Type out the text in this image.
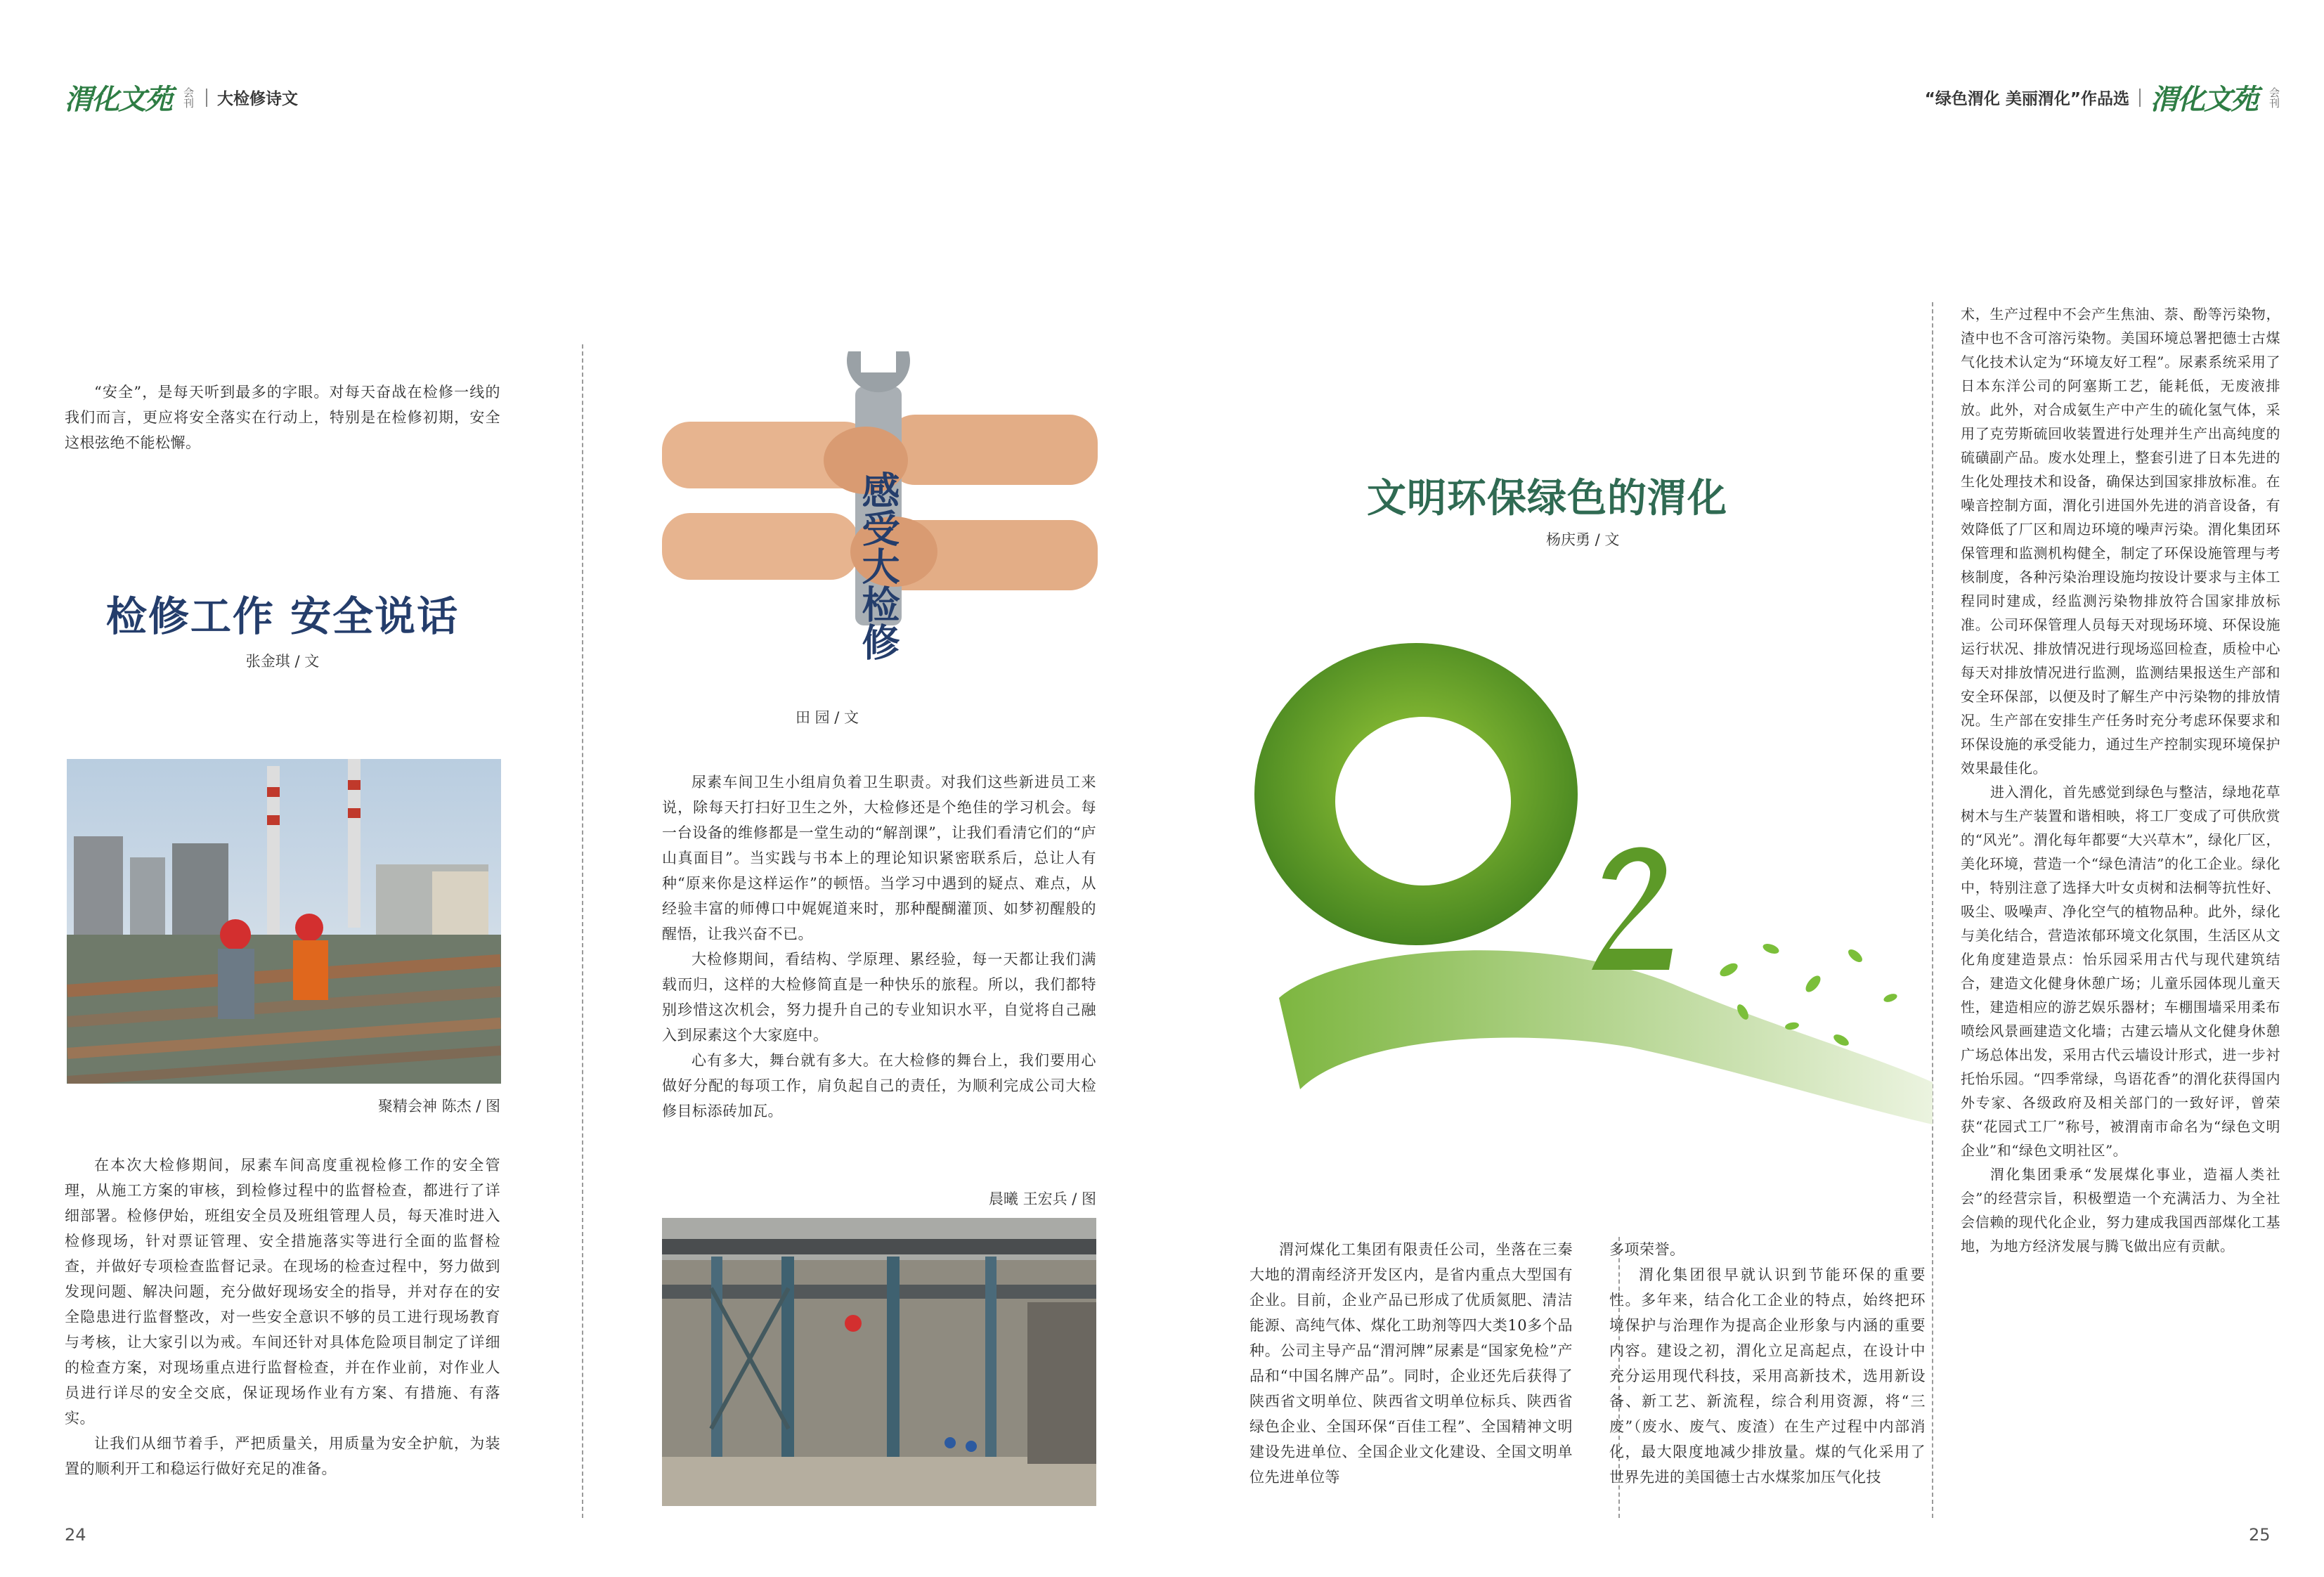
渭化文苑 会刊 大检修诗文	“绿色渭化 美丽渭化”作品选 渭化文苑 会刊

“安全”，是每天听到最多的字眼。对每天奋战在检修一线的我们而言，更应将安全落实在行动上，特别是在检修初期，安全这根弦绝不能松懈。

检修工作 安全说话
张金琪 / 文
聚精会神 陈杰 / 图

在本次大检修期间，尿素车间高度重视检修工作的安全管理，从施工方案的审核，到检修过程中的监督检查，都进行了详细部署。检修伊始，班组安全员及班组管理人员，每天准时进入检修现场，针对票证管理、安全措施落实等进行全面的监督检查，并做好专项检查监督记录。在现场的检查过程中，努力做到发现问题、解决问题，充分做好现场安全的指导，并对存在的安全隐患进行监督整改，对一些安全意识不够的员工进行现场教育与考核，让大家引以为戒。车间还针对具体危险项目制定了详细的检查方案，对现场重点进行监督检查，并在作业前，对作业人员进行详尽的安全交底，保证现场作业有方案、有措施、有落实。

让我们从细节着手，严把质量关，用质量为安全护航，为装置的顺利开工和稳运行做好充足的准备。

感受大检修
田 园 / 文

尿素车间卫生小组肩负着卫生职责。对我们这些新进员工来说，除每天打扫好卫生之外，大检修还是个绝佳的学习机会。每一台设备的维修都是一堂生动的“解剖课”，让我们看清它们的“庐山真面目”。当实践与书本上的理论知识紧密联系后，总让人有种“原来你是这样运作”的顿悟。当学习中遇到的疑点、难点，从经验丰富的师傅口中娓娓道来时，那种醍醐灌顶、如梦初醒般的醒悟，让我兴奋不已。

大检修期间，看结构、学原理、累经验，每一天都让我们满载而归，这样的大检修简直是一种快乐的旅程。所以，我们都特别珍惜这次机会，努力提升自己的专业知识水平，自觉将自己融入到尿素这个大家庭中。

心有多大，舞台就有多大。在大检修的舞台上，我们要用心做好分配的每项工作，肩负起自己的责任，为顺利完成公司大检修目标添砖加瓦。

晨曦 王宏兵 / 图
文明环保绿色的渭化
杨庆勇 / 文

渭河煤化工集团有限责任公司，坐落在三秦大地的渭南经济开发区内，是省内重点大型国有企业。目前，企业产品已形成了优质氮肥、清洁能源、高纯气体、煤化工助剂等四大类10多个品种。公司主导产品“渭河牌”尿素是“国家免检”产品和“中国名牌产品”。同时，企业还先后获得了陕西省文明单位、陕西省文明单位标兵、陕西省绿色企业、全国环保“百佳工程”、全国精神文明建设先进单位、全国企业文化建设、全国文明单位先进单位等

多项荣誉。

渭化集团很早就认识到节能环保的重要性。多年来，结合化工企业的特点，始终把环境保护与治理作为提高企业形象与内涵的重要内容。建设之初，渭化立足高起点，在设计中充分运用现代科技，采用高新技术，选用新设备、新工艺、新流程，综合利用资源，将“三废”（废水、废气、废渣）在生产过程中内部消化，最大限度地减少排放量。煤的气化采用了世界先进的美国德士古水煤浆加压气化技

术，生产过程中不会产生焦油、萘、酚等污染物，渣中也不含可溶污染物。美国环境总署把德士古煤气化技术认定为“环境友好工程”。尿素系统采用了日本东洋公司的阿塞斯工艺，能耗低，无废液排放。此外，对合成氨生产中产生的硫化氢气体，采用了克劳斯硫回收装置进行处理并生产出高纯度的硫磺副产品。废水处理上，整套引进了日本先进的生化处理技术和设备，确保达到国家排放标准。在噪音控制方面，渭化引进国外先进的消音设备，有效降低了厂区和周边环境的噪声污染。渭化集团环保管理和监测机构健全，制定了环保设施管理与考核制度，各种污染治理设施均按设计要求与主体工程同时建成，经监测污染物排放符合国家排放标准。公司环保管理人员每天对现场环境、环保设施运行状况、排放情况进行现场巡回检查，质检中心每天对排放情况进行监测，监测结果报送生产部和安全环保部，以便及时了解生产中污染物的排放情况。生产部在安排生产任务时充分考虑环保要求和环保设施的承受能力，通过生产控制实现环境保护效果最佳化。

进入渭化，首先感觉到绿色与整洁，绿地花草树木与生产装置和谐相映，将工厂变成了可供欣赏的“风光”。渭化每年都要“大兴草木”，绿化厂区，美化环境，营造一个“绿色清洁”的化工企业。绿化中，特别注意了选择大叶女贞树和法桐等抗性好、吸尘、吸噪声、净化空气的植物品种。此外，绿化与美化结合，营造浓郁环境文化氛围，生活区从文化角度建造景点：怡乐园采用古代与现代建筑结合，建造文化健身休憩广场；儿童乐园体现儿童天性，建造相应的游艺娱乐器材；车棚围墙采用柔布喷绘风景画建造文化墙；古建云墙从文化健身休憩广场总体出发，采用古代云墙设计形式，进一步衬托怡乐园。“四季常绿，鸟语花香”的渭化获得国内外专家、各级政府及相关部门的一致好评，曾荣获“花园式工厂”称号，被渭南市命名为“绿色文明企业”和“绿色文明社区”。

渭化集团秉承“发展煤化事业，造福人类社会”的经营宗旨，积极塑造一个充满活力、为全社会信赖的现代化企业，努力建成我国西部煤化工基地，为地方经济发展与腾飞做出应有贡献。

24	25
